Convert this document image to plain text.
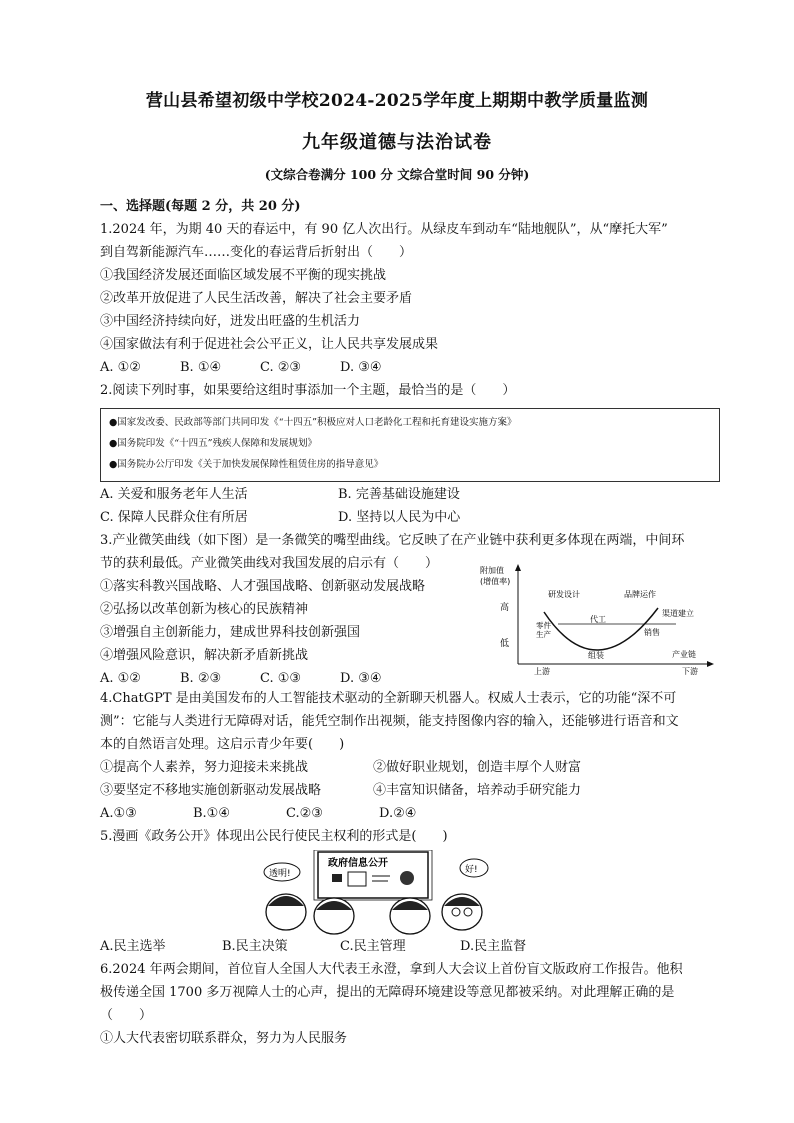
营山县希望初级中学校2024-2025学年度上期期中教学质量监测
九年级道德与法治试卷
(文综合卷满分 100 分 文综合堂时间 90 分钟)
一、选择题(每题 2 分，共 20 分)
1.2024 年，为期 40 天的春运中，有 90 亿人次出行。从绿皮车到动车“陆地舰队”，从“摩托大军”
到自驾新能源汽车……变化的春运背后折射出（　　）
①我国经济发展还面临区域发展不平衡的现实挑战
②改革开放促进了人民生活改善，解决了社会主要矛盾
③中国经济持续向好，迸发出旺盛的生机活力
④国家做法有利于促进社会公平正义，让人民共享发展成果
A. ①②	B. ①④	C. ②③	D. ③④
2.阅读下列时事，如果要给这组时事添加一个主题，最恰当的是（　　）
●国家发改委、民政部等部门共同印发《“十四五”积极应对人口老龄化工程和托育建设实施方案》
●国务院印发《“十四五”残疾人保障和发展规划》
●国务院办公厅印发《关于加快发展保障性租赁住房的指导意见》
A. 关爱和服务老年人生活	B. 完善基础设施建设
C. 保障人民群众住有所居	D. 坚持以人民为中心
3.产业微笑曲线（如下图）是一条微笑的嘴型曲线。它反映了在产业链中获利更多体现在两端，中间环
节的获利最低。产业微笑曲线对我国发展的启示有（　　）
①落实科教兴国战略、人才强国战略、创新驱动发展战略
②弘扬以改革创新为核心的民族精神
③增强自主创新能力，建成世界科技创新强国
④增强风险意识，解决新矛盾新挑战
A. ①②	B. ②③	C. ①③	D. ③④
附加值
(增值率)
高
低
研发设计	品牌运作
代工
渠道建立
零件
生产	销售
组装	产业链
上游	下游
4.ChatGPT 是由美国发布的人工智能技术驱动的全新聊天机器人。权威人士表示，它的功能“深不可
测”：它能与人类进行无障碍对话，能凭空制作出视频，能支持图像内容的输入，还能够进行语音和文
本的自然语言处理。这启示青少年要(　　)
①提高个人素养，努力迎接未来挑战	②做好职业规划，创造丰厚个人财富
③要坚定不移地实施创新驱动发展战略	④丰富知识储备，培养动手研究能力
A.①③	B.①④	C.②③	D.②④
5.漫画《政务公开》体现出公民行使民主权利的形式是(　　)
政府信息公开
透明!	好!
A.民主选举	B.民主决策	C.民主管理	D.民主监督
6.2024 年两会期间，首位盲人全国人大代表王永澄，拿到人大会议上首份盲文版政府工作报告。他积
极传递全国 1700 多万视障人士的心声，提出的无障碍环境建设等意见都被采纳。对此理解正确的是
（　　）
①人大代表密切联系群众，努力为人民服务
